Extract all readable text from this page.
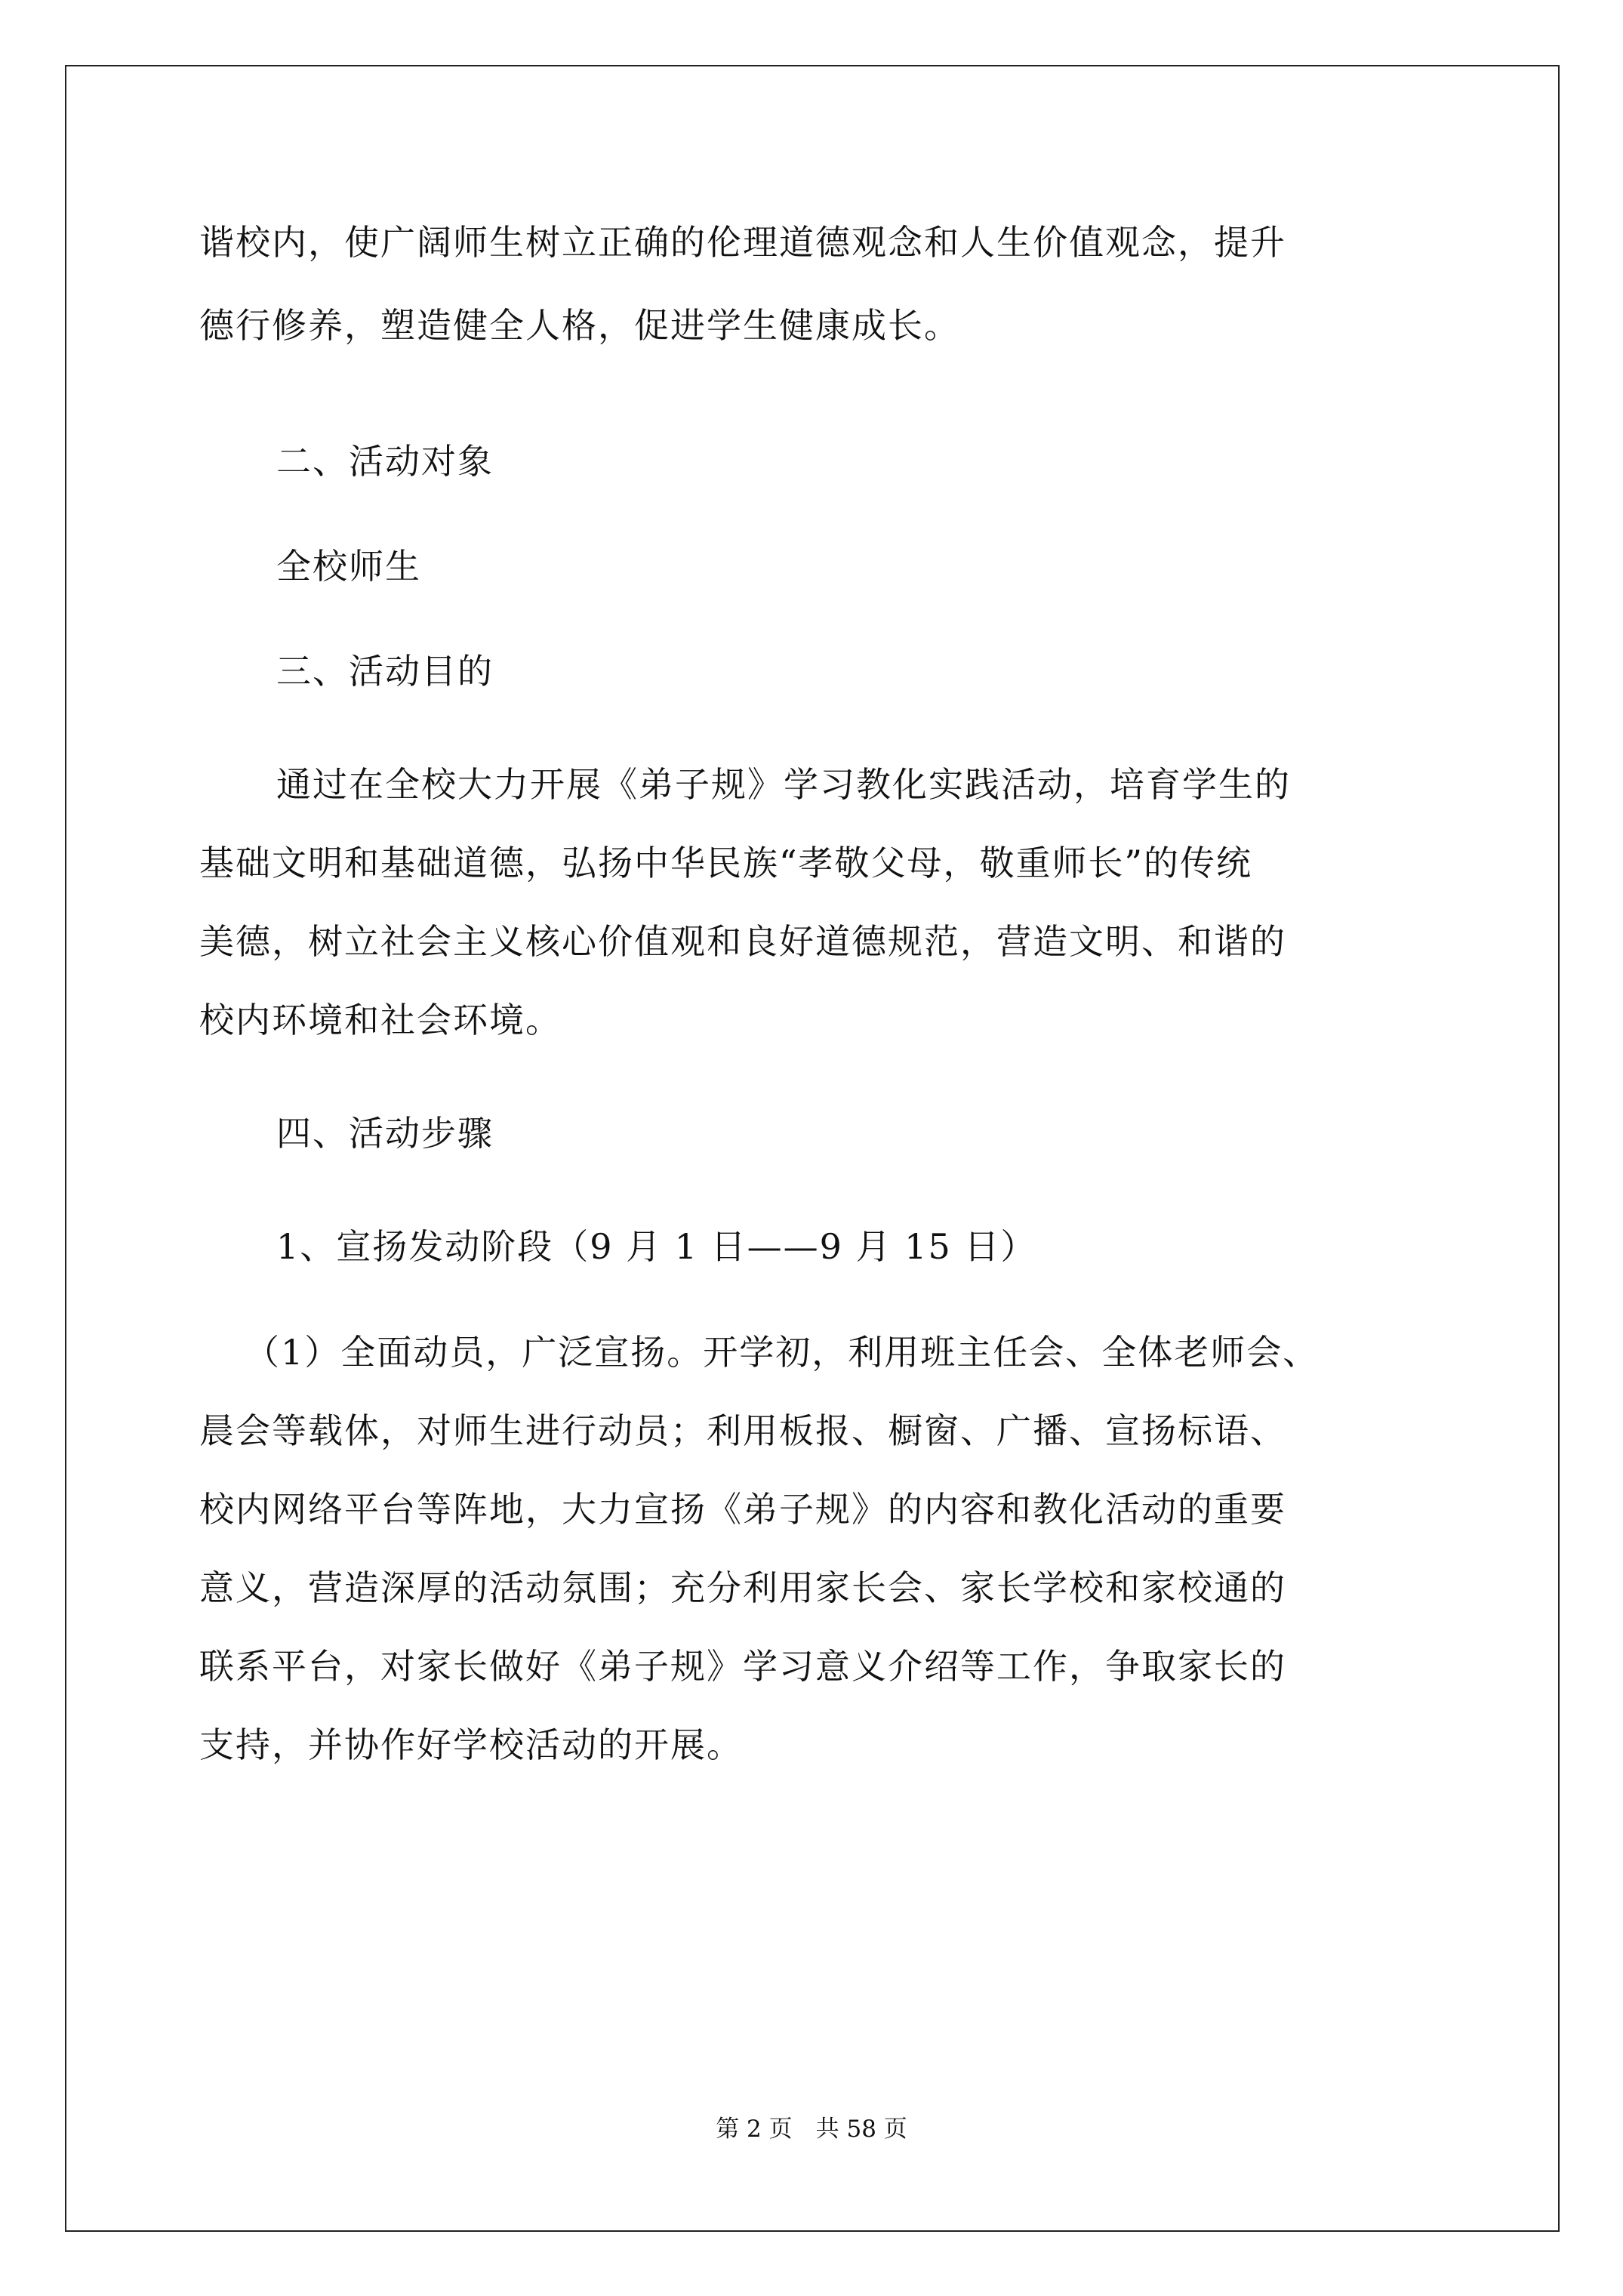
谐校内，使广阔师生树立正确的伦理道德观念和人生价值观念，提升
德行修养，塑造健全人格，促进学生健康成长。
二、活动对象
全校师生
三、活动目的
通过在全校大力开展《弟子规》学习教化实践活动，培育学生的
基础文明和基础道德，弘扬中华民族“孝敬父母，敬重师长”的传统
美德，树立社会主义核心价值观和良好道德规范，营造文明、和谐的
校内环境和社会环境。
四、活动步骤
1、宣扬发动阶段（9 月 1 日——9 月 15 日）
（1）全面动员，广泛宣扬。开学初，利用班主任会、全体老师会、
晨会等载体，对师生进行动员；利用板报、橱窗、广播、宣扬标语、
校内网络平台等阵地，大力宣扬《弟子规》的内容和教化活动的重要
意义，营造深厚的活动氛围；充分利用家长会、家长学校和家校通的
联系平台，对家长做好《弟子规》学习意义介绍等工作，争取家长的
支持，并协作好学校活动的开展。
第 2 页　共 58 页
